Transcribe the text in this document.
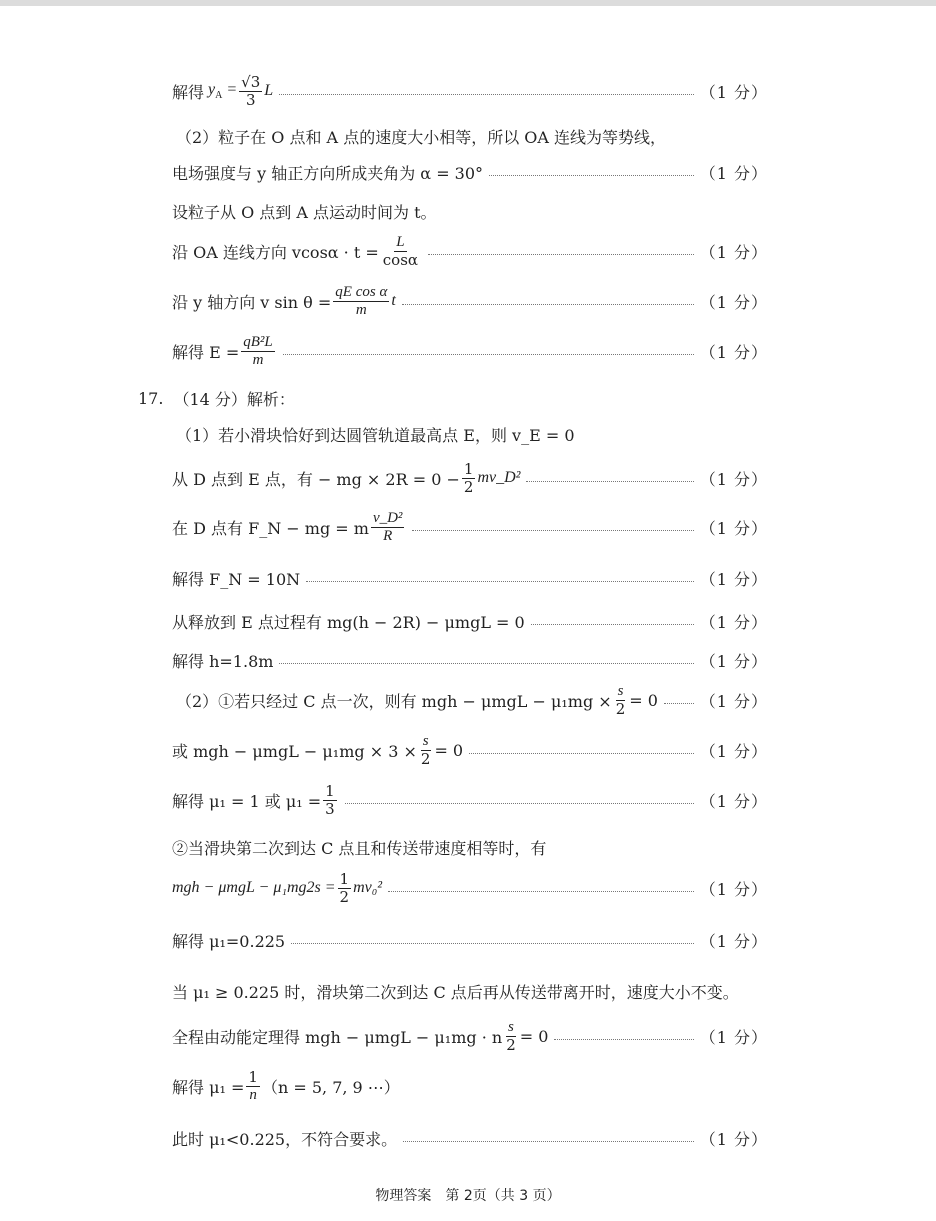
解得 $y_A = \frac{√3}{3}$ L	（1 分）
（2）粒子在 O 点和 A 点的速度大小相等，所以 OA 连线为等势线，
电场强度与 y 轴正方向所成夹角为 α = 30°	（1 分）
设粒子从 O 点到 A 点运动时间为 t。
沿 OA 连线方向 $vcos\alpha \cdot t = \frac{L}{\cos\alpha}$	（1 分）
沿 y 轴方向 v $\sin \theta = \frac{\text{qE cos α}}{m}$ t	（1 分）
解得 $E = \frac{\text{qB²L}}{m}$	（1 分）
17. （14 分）解析：
（1）若小滑块恰好到达圆管轨道最高点 E，则 v_E = 0
从 D 点到 E 点，有 − mg × $2R = 0 - \frac{1}{2}$ mv_D²	（1 分）
在 D 点有 F_N − mg = m $\frac{\text{v\_D²}}{R}$	（1 分）
解得 F_N = 10N	（1 分）
从释放到 E 点过程有 mg(h − 2R) − μmgL = 0	（1 分）
解得 h=1.8m	（1 分）
（2）①若只经过 C 点一次，则有 mgh − $\mu mgL - \mu_1mg \times \frac{s}{2} = 0$	（1 分）
或 mgh − $\mu mgL - \mu_1mg \times 3 \times \frac{s}{2} = 0$	（1 分）
解得 μ₁ = 1 或 $\mu_1 = \frac{1}{3}$	（1 分）
②当滑块第二次到达 C 点且和传送带速度相等时，有
mgh − $\mu mgL - \mu_1mg2s = \frac{1}{2} mv_0^2$	（1 分）
解得 μ₁=0.225	（1 分）
当 μ₁ ≥ 0.225 时，滑块第二次到达 C 点后再从传送带离开时，速度大小不变。
全程由动能定理得 mgh − μmgL − μ₁mg · n $\frac{s}{2} = 0$	（1 分）
解得 $\mu_1 = \frac{1}{n} (n = 5$, 7, 9 ⋯）
此时 μ₁<0.225，不符合要求。	（1 分）
物理答案　第 2页（共 3 页）
